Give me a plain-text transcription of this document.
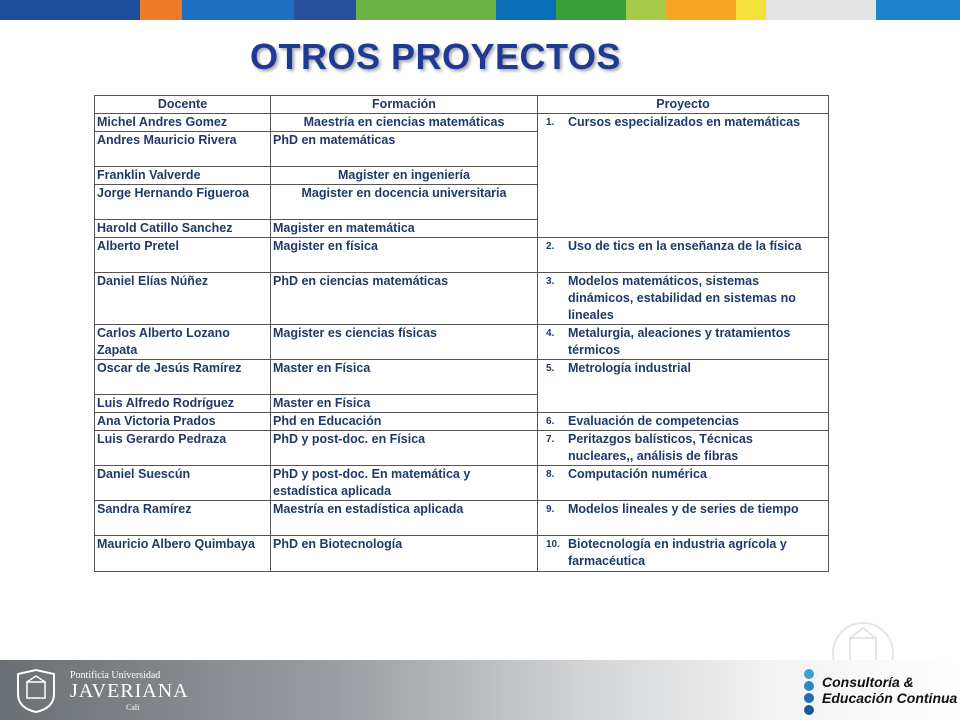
OTROS PROYECTOS
Docente	Formación	Proyecto
Michel Andres Gomez	Maestría en ciencias matemáticas	1. Cursos especializados en matemáticas
Andres Mauricio Rivera	PhD en matemáticas	
Franklin Valverde	Magister en ingeniería	
Jorge Hernando Figueroa	Magister en docencia universitaria	
Harold Catillo Sanchez	Magister en matemática	
Alberto Pretel	Magister en física	2. Uso de tics en la enseñanza de la física
Daniel Elías Núñez	PhD en ciencias matemáticas	3. Modelos matemáticos, sistemas dinámicos, estabilidad en sistemas no lineales
Carlos Alberto Lozano Zapata	Magister es ciencias físicas	4. Metalurgia, aleaciones y tratamientos térmicos
Oscar de Jesús Ramírez	Master en Física	5. Metrología industrial
Luis Alfredo Rodríguez	Master en Física	
Ana Victoria Prados	Phd en Educación	6. Evaluación de competencias
Luis Gerardo Pedraza	PhD y post-doc. en Física	7. Peritazgos balísticos, Técnicas nucleares,, análisis de fibras
Daniel Suescún	PhD y post-doc. En matemática y estadística aplicada	8. Computación numérica
Sandra Ramírez	Maestría en estadística aplicada	9. Modelos lineales y de series de tiempo
Mauricio Albero Quimbaya	PhD en Biotecnología	10. Biotecnología en industria agrícola y farmacéutica
Pontificia Universidad
JAVERIANA
Cali
Consultoría &
Educación Continua
